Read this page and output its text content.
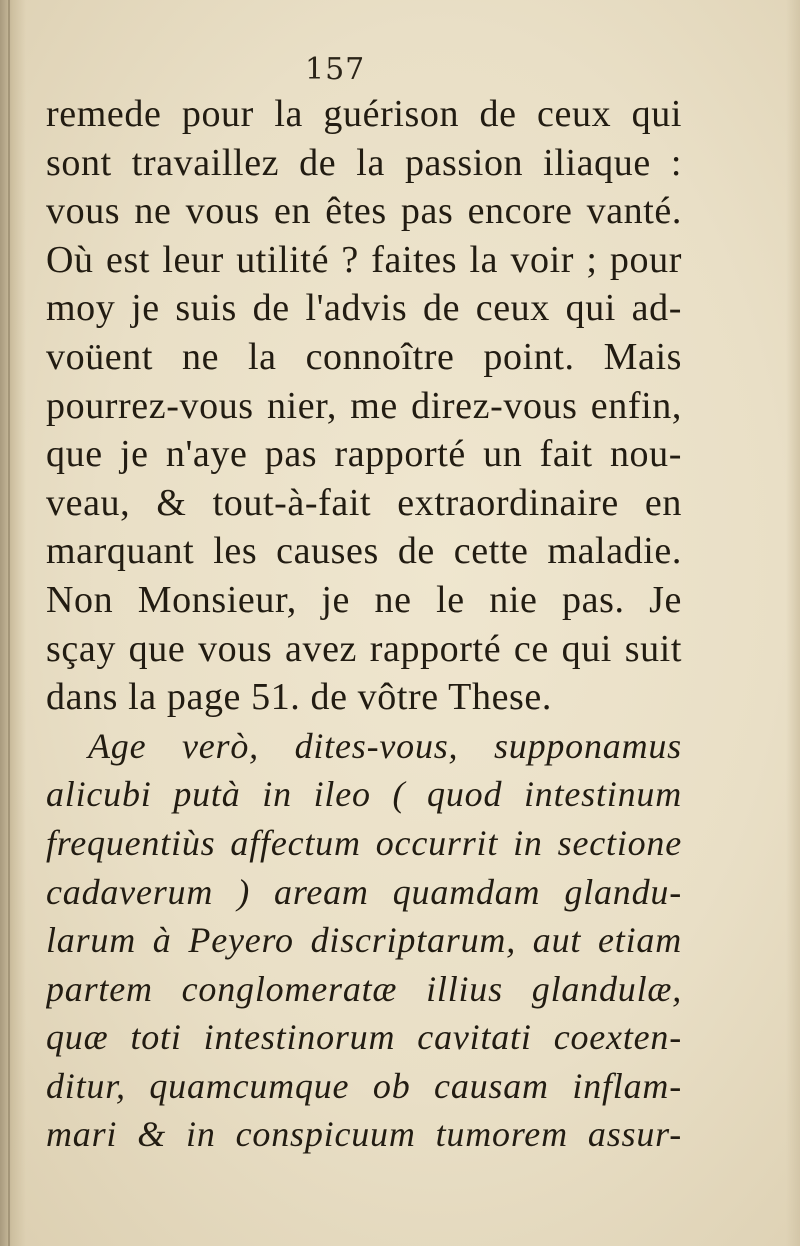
157
remede pour la guérison de ceux qui
sont travaillez de la passion iliaque :
vous ne vous en êtes pas encore vanté.
Où est leur utilité ? faites la voir ; pour
moy je suis de l'advis de ceux qui ad-
voüent ne la connoître point. Mais
pourrez-vous nier, me direz-vous enfin,
que je n'aye pas rapporté un fait nou-
veau, & tout-à-fait extraordinaire en
marquant les causes de cette maladie.
Non Monsieur, je ne le nie pas. Je
sçay que vous avez rapporté ce qui suit
dans la page 51. de vôtre These.
Age verò, dites-vous, supponamus
alicubi putà in ileo ( quod intestinum
frequentiùs affectum occurrit in sectione
cadaverum ) aream quamdam glandu-
larum à Peyero discriptarum, aut etiam
partem conglomeratæ illius glandulæ,
quæ toti intestinorum cavitati coexten-
ditur, quamcumque ob causam inflam-
mari & in conspicuum tumorem assur-
